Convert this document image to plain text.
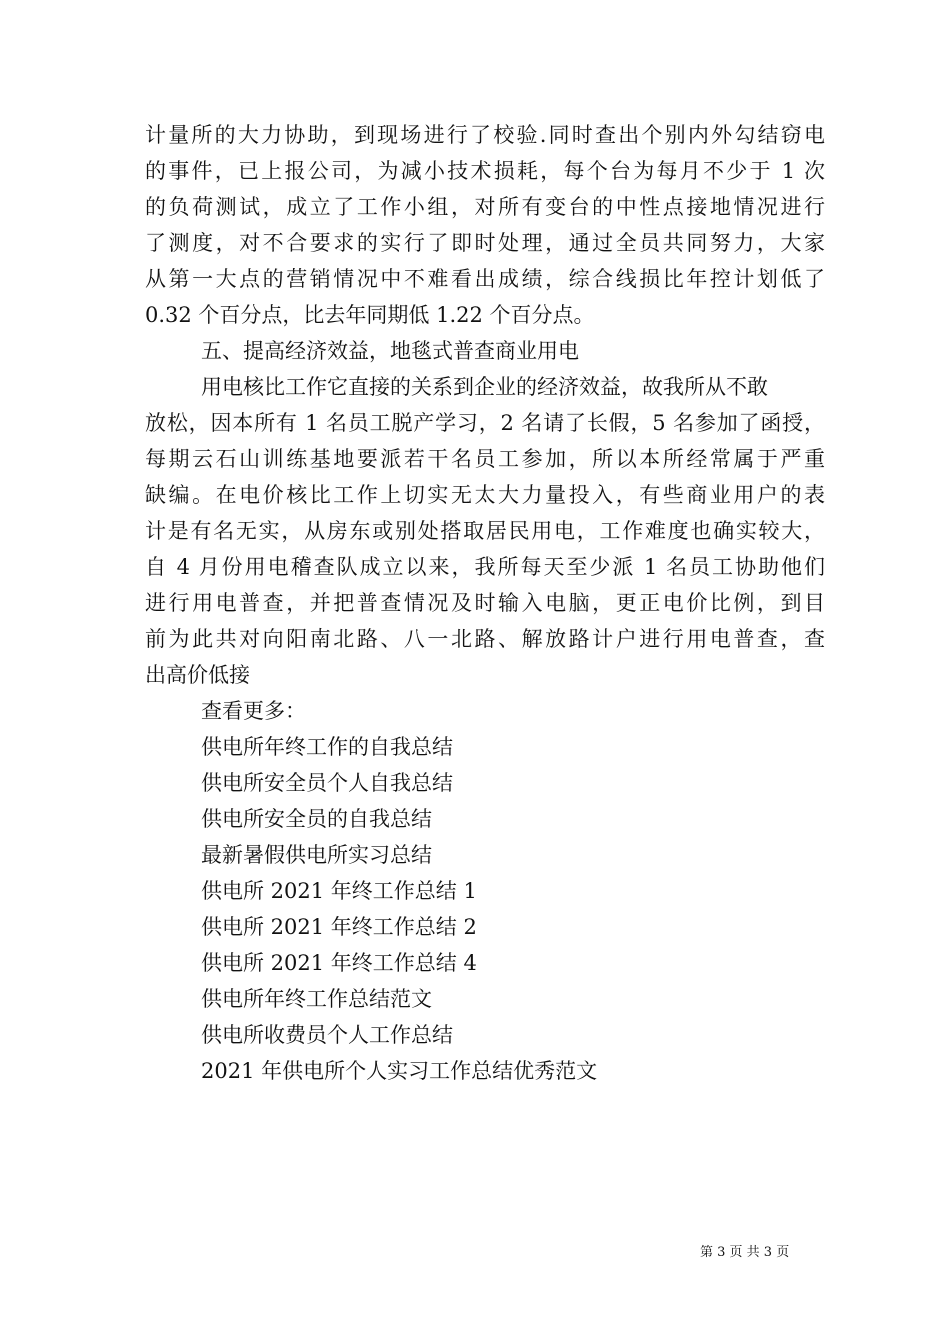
计量所的大力协助，到现场进行了校验.同时查出个别内外勾结窃电

的事件，已上报公司，为减小技术损耗，每个台为每月不少于 1 次

的负荷测试，成立了工作小组，对所有变台的中性点接地情况进行

了测度，对不合要求的实行了即时处理，通过全员共同努力，大家

从第一大点的营销情况中不难看出成绩，综合线损比年控计划低了

0.32 个百分点，比去年同期低 1.22 个百分点。

五、提高经济效益，地毯式普查商业用电

用电核比工作它直接的关系到企业的经济效益，故我所从不敢

放松，因本所有 1 名员工脱产学习，2 名请了长假，5 名参加了函授，

每期云石山训练基地要派若干名员工参加，所以本所经常属于严重

缺编。在电价核比工作上切实无太大力量投入，有些商业用户的表

计是有名无实，从房东或别处搭取居民用电，工作难度也确实较大，

自 4 月份用电稽查队成立以来，我所每天至少派 1 名员工协助他们

进行用电普查，并把普查情况及时输入电脑，更正电价比例，到目

前为此共对向阳南北路、八一北路、解放路计户进行用电普查，查

出高价低接

查看更多：

供电所年终工作的自我总结
供电所安全员个人自我总结
供电所安全员的自我总结
最新暑假供电所实习总结
供电所 2021 年终工作总结 1
供电所 2021 年终工作总结 2
供电所 2021 年终工作总结 4
供电所年终工作总结范文
供电所收费员个人工作总结
2021 年供电所个人实习工作总结优秀范文
第 3 页 共 3 页
